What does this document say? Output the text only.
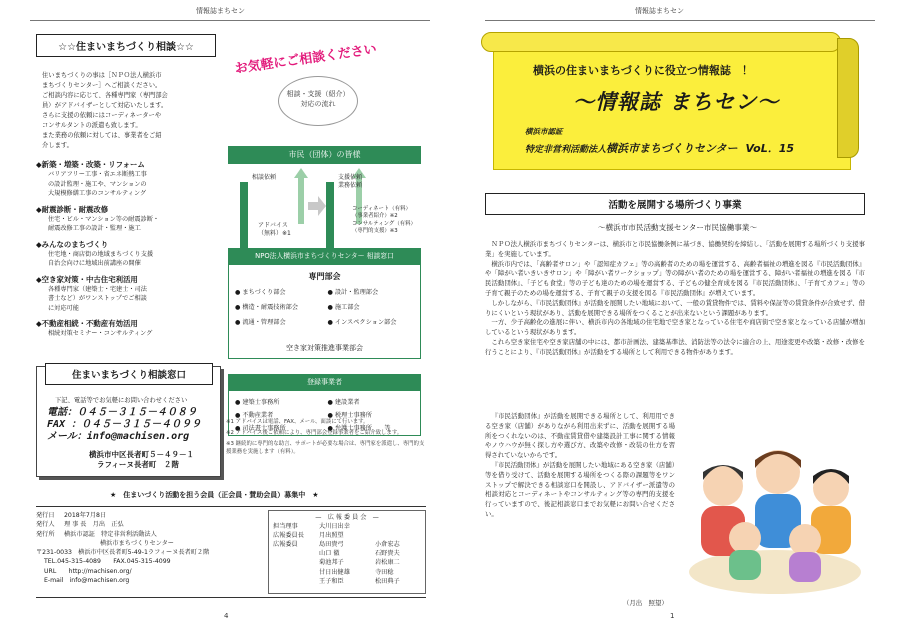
情報誌まちセン
☆☆住まいまちづくり相談☆☆
住いまちづくりの事は［ＮＰＯ法人横浜市
まちづくりセンター］へご相談ください。
ご相談内容に応じて、各種専門家（専門部会
員）がアドバイザーとして対応いたします。
さらに支援の依頼にはコーディネーターや
コンサルタントの派遣も致します。
また業務の依頼に対しては、事業者をご紹
介します。
◆新築・増築・改築・リフォーム
バリアフリー工事・省エネ断熱工事
の設計監理・施工や、マンションの
大規模修繕工事のコンサルティング
◆耐震診断・耐震改修
住宅・ビル・マンション等の耐震診断・
耐震改修工事の設計・監理・施工
◆みんなのまちづくり
住宅地・商店街の地域まちづくり支援
自治会向けに地域出前講座の開催
◆空き家対策・中古住宅利活用
各種専門家（建築士・宅建士・司法
書士など）がワンストップでご相談
に対応可能
◆不動産相続・不動産有効活用
相続対策セミナー・コンサルティング
住まいまちづくり相談窓口
下記、電話等でお気軽にお問い合わせください
電話：０４５－３１５－４０８９
FAX ：０４５－３１５－４０９９
メール：info@machisen.org
横浜市中区長者町５－４９－１
ラフィーヌ長者町　２階
★　住まいづくり活動を担う会員（正会員・賛助会員）募集中　★
発行日	2018年7月8日
発行人	理 事 長　月出　正弘
発行所	横浜市認証　特定非営利活動法人
横浜市まちづくりセンター
〒231-0033　横浜市中区長者町5-49-1ラフィーヌ長者町２階
TEL.045-315-4089　　FAX.045-315-4099
URL　　http://machisen.org/
E-mail　info@machisen.org
—　広 報 委 員 会　—
担当理事	大川日出幸
広報委員長	月出照望
広報委員	島田貴弓	小倉宏志
山口 徹	石野貴夫
菊池邦子	岩松康二
甘日出健雄	寺田稔
王子和臣	松田典子
お気軽にご相談ください
相談・支援（紹介）
対応の流れ
市民（団体）の皆様
相談依頼	支援依頼
業務依頼
アドバイス
（無料）※1
コーディネート（有料）
（事業者紹介）※2
コンサルティング（有料）
（専門的支援）※3
NPO法人横浜市まちづくりセンター 相談窓口
専門部会
● まちづくり部会	● 設計・監理部会
● 構造・耐震技術部会	● 施工部会
● 流通・管理部会	● インスペクション部会
空き家対策推進事業部会
登録事業者
● 建築士事務所	● 建設業者
● 不動産業者	● 税理士事務所
● 司法書士事務所	● 弁護士事務所　　等

※1 アドバイスは電話、FAX、メール、面談にて行います。

※2 アドバイス後ご依頼により、専門部会登録事業者をご紹介致します。

※3 継続的に専門的な助言、サポートが必要な場合は、専門家を派遣し、専門的支援業務を実施します（有料）。

4
情報誌まちセン
横浜の住まいまちづくりに役立つ情報誌　！
～情報誌 まちセン～
横浜市認証
特定非営利活動法人横浜市まちづくりセンター VoL．15
活動を展開する場所づくり事業
～横浜市市民活動支援センター市民協働事業～

ＮＰＯ法人横浜市まちづくりセンターは、横浜市と市民協働条例に基づき、協働契約を締結し、「活動を展開する場所づくり支援事業」を実施しています。

横浜市内では、「高齢者サロン」や「認知症カフェ」等の高齢者のための場を運営する、高齢者福祉の増進を図る『市民活動団体』や「障がい者いきいきサロン」や「障がい者ワークショップ」等の障がい者のための場を運営する、障がい者福祉の増進を図る『市民活動団体』、「子ども食堂」等の子ども達のための場を運営する、子どもの健全育成を図る『市民活動団体』、「子育てカフェ」等の子育て親子のための場を運営する、子育て親子の支援を図る『市民活動団体』が増えています。

しかしながら、『市民活動団体』が活動を展開したい地域において、一般の賃貸物件では、賃料や保証等の賃貸条件が合致せず、借りにくいという現状があり、活動を展開できる場所をつくることが出来ないという課題があります。

一方、少子高齢化の進展に伴い、横浜市内の各地域の住宅地で空き家となっている住宅や商店街で空き家となっている店舗が増加しているという現状があります。

これら空き家住宅や空き家店舗の中には、都市計画法、建築基準法、消防法等の法令に適合の上、用途変更や改築・改修・改修を行うことにより、『市民活動団体』が活動をする場所として利用できる物件があります。

『市民活動団体』が活動を展開できる場所として、利用用できる空き家（店舗）がありながら利用出来ずに、活動を展開する場所をつくれないのは、不動産賃貸借や建築設計工事に関する情報やノウハウが無く探し方や選び方、改築や改修・改装の仕方を習得されていないからです。

『市民活動団体』が活動を展開したい地域にある空き家（店舗）等を借り受けて、活動を展開する場所をつくる際の課題等をワンストップで解決できる相談窓口を開設し、アドバイザー派遣等の相談対応とコーディネートやコンサルティング等の専門的支援を行っていますので、後記相談窓口までお気軽にお問い合せください。

（月出　照望）
1
